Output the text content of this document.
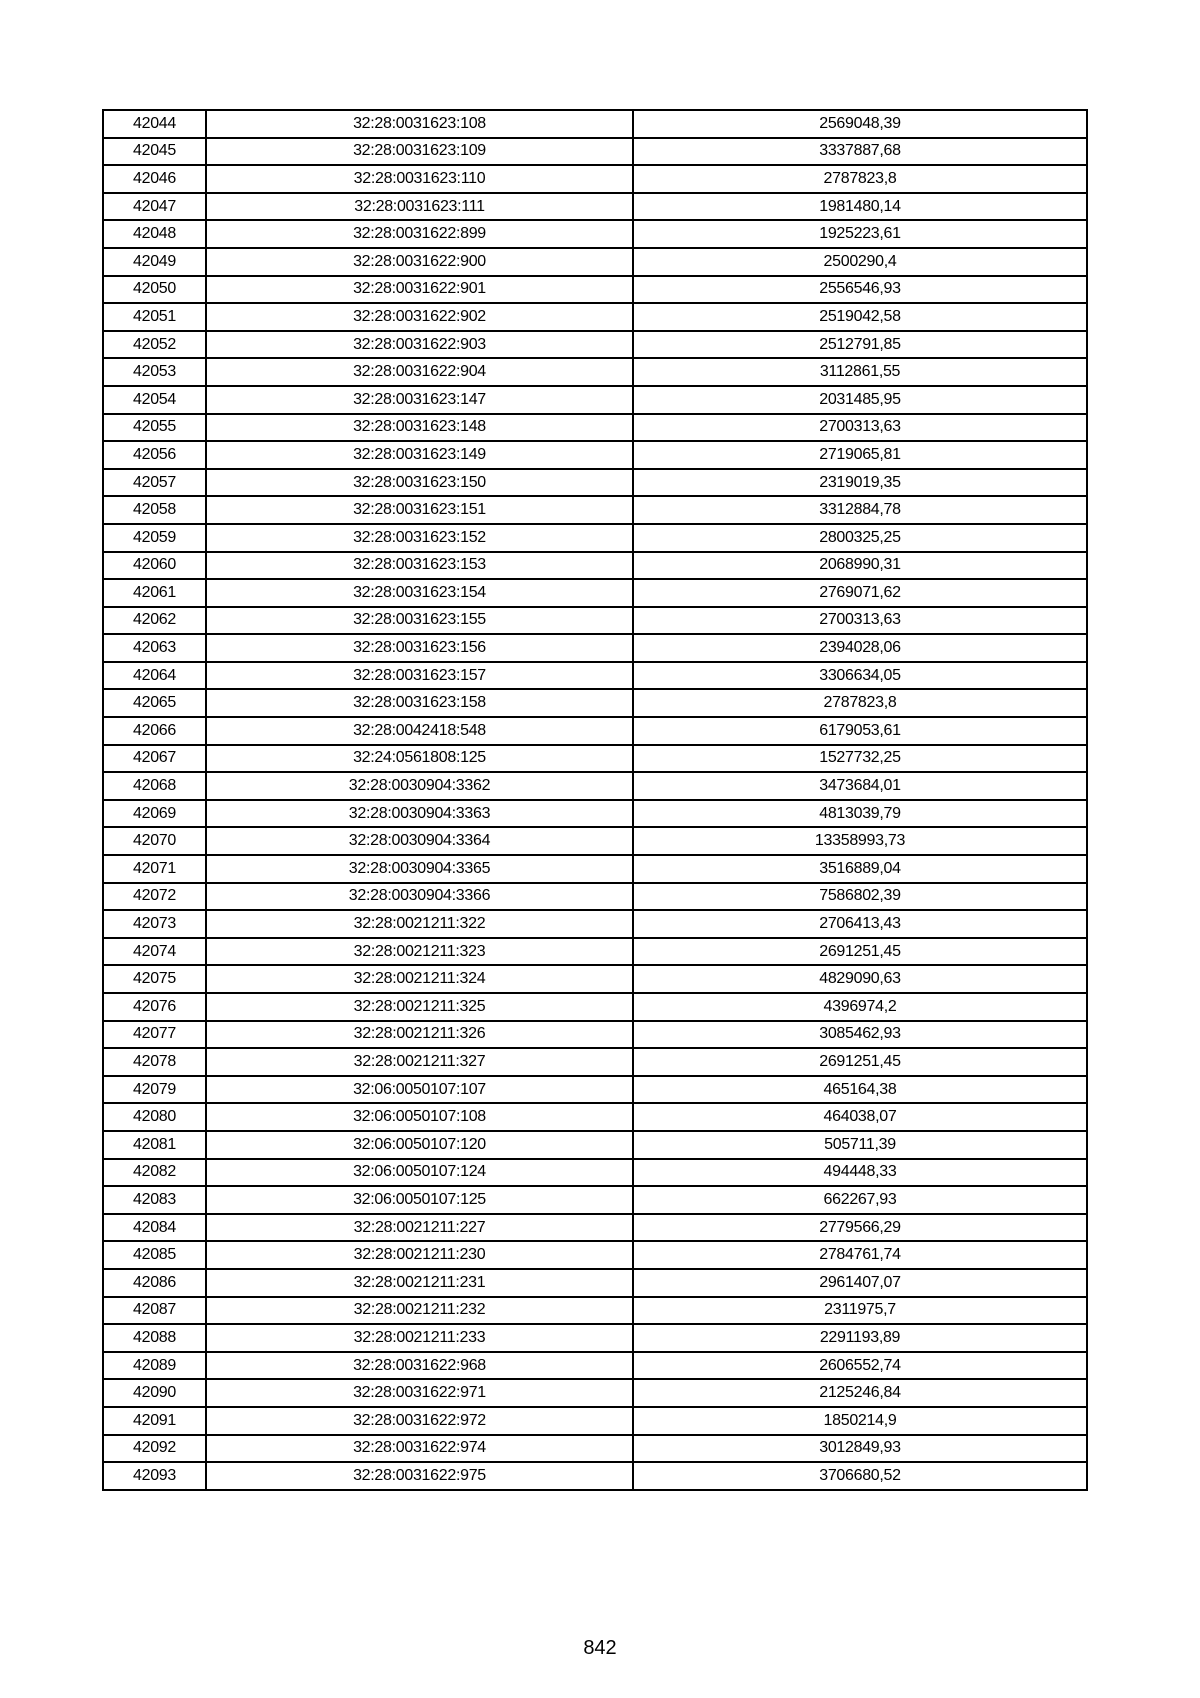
42044	32:28:0031623:108	2569048,39
42045	32:28:0031623:109	3337887,68
42046	32:28:0031623:110	2787823,8
42047	32:28:0031623:111	1981480,14
42048	32:28:0031622:899	1925223,61
42049	32:28:0031622:900	2500290,4
42050	32:28:0031622:901	2556546,93
42051	32:28:0031622:902	2519042,58
42052	32:28:0031622:903	2512791,85
42053	32:28:0031622:904	3112861,55
42054	32:28:0031623:147	2031485,95
42055	32:28:0031623:148	2700313,63
42056	32:28:0031623:149	2719065,81
42057	32:28:0031623:150	2319019,35
42058	32:28:0031623:151	3312884,78
42059	32:28:0031623:152	2800325,25
42060	32:28:0031623:153	2068990,31
42061	32:28:0031623:154	2769071,62
42062	32:28:0031623:155	2700313,63
42063	32:28:0031623:156	2394028,06
42064	32:28:0031623:157	3306634,05
42065	32:28:0031623:158	2787823,8
42066	32:28:0042418:548	6179053,61
42067	32:24:0561808:125	1527732,25
42068	32:28:0030904:3362	3473684,01
42069	32:28:0030904:3363	4813039,79
42070	32:28:0030904:3364	13358993,73
42071	32:28:0030904:3365	3516889,04
42072	32:28:0030904:3366	7586802,39
42073	32:28:0021211:322	2706413,43
42074	32:28:0021211:323	2691251,45
42075	32:28:0021211:324	4829090,63
42076	32:28:0021211:325	4396974,2
42077	32:28:0021211:326	3085462,93
42078	32:28:0021211:327	2691251,45
42079	32:06:0050107:107	465164,38
42080	32:06:0050107:108	464038,07
42081	32:06:0050107:120	505711,39
42082	32:06:0050107:124	494448,33
42083	32:06:0050107:125	662267,93
42084	32:28:0021211:227	2779566,29
42085	32:28:0021211:230	2784761,74
42086	32:28:0021211:231	2961407,07
42087	32:28:0021211:232	2311975,7
42088	32:28:0021211:233	2291193,89
42089	32:28:0031622:968	2606552,74
42090	32:28:0031622:971	2125246,84
42091	32:28:0031622:972	1850214,9
42092	32:28:0031622:974	3012849,93
42093	32:28:0031622:975	3706680,52
842
